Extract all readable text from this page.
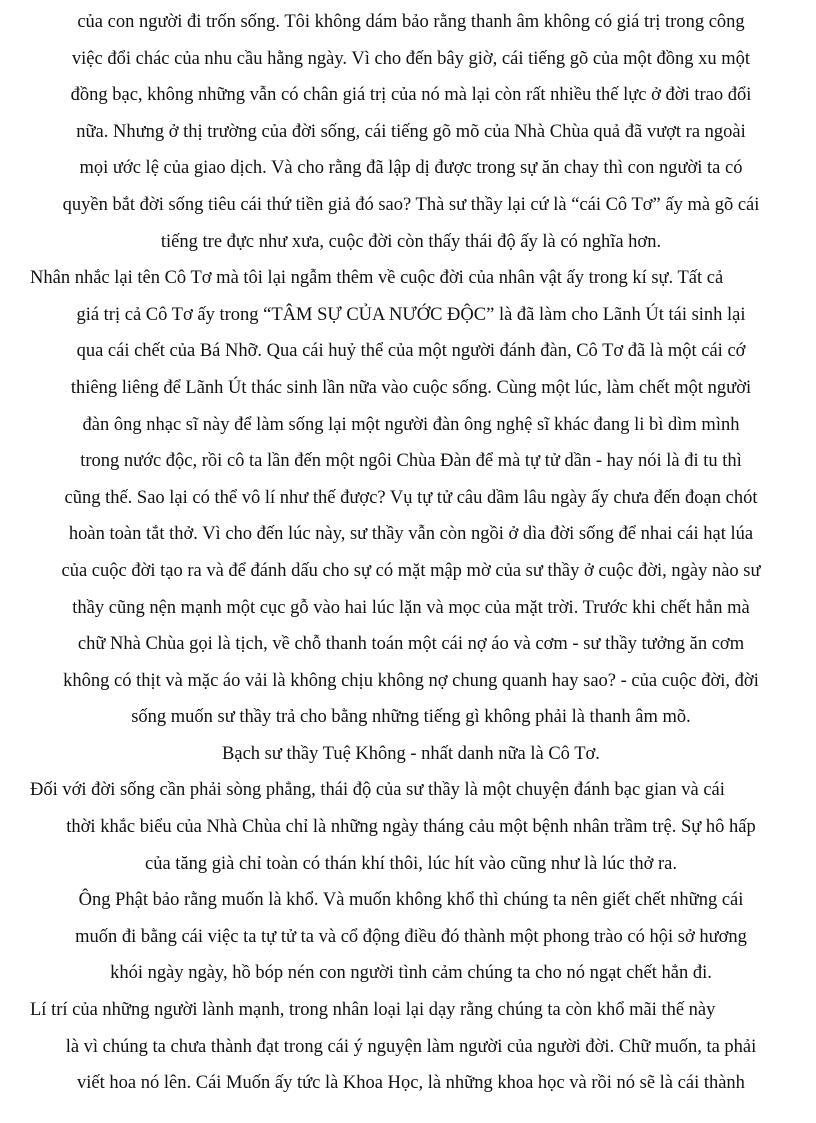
của con người đi trốn sống. Tôi không dám bảo rằng thanh âm không có giá trị trong công
việc đổi chác của nhu cầu hằng ngày. Vì cho đến bây giờ, cái tiếng gõ của một đồng xu một
đồng bạc, không những vẫn có chân giá trị của nó mà lại còn rất nhiều thế lực ở đời trao đổi
nữa. Nhưng ở thị trường của đời sống, cái tiếng gõ mõ của Nhà Chùa quả đã vượt ra ngoài
mọi ước lệ của giao dịch. Và cho rằng đã lập dị được trong sự ăn chay thì con người ta có
quyền bắt đời sống tiêu cái thứ tiền giả đó sao? Thà sư thầy lại cứ là “cái Cô Tơ” ấy mà gõ cái
tiếng tre đực như xưa, cuộc đời còn thấy thái độ ấy là có nghĩa hơn.
Nhân nhắc lại tên Cô Tơ mà tôi lại ngẫm thêm về cuộc đời của nhân vật ấy trong kí sự. Tất cả
giá trị cả Cô Tơ ấy trong “TÂM SỰ CỦA NƯỚC ĐỘC” là đã làm cho Lãnh Út tái sinh lại
qua cái chết của Bá Nhỡ. Qua cái huỷ thể của một người đánh đàn, Cô Tơ đã là một cái cớ
thiêng liêng để Lãnh Út thác sinh lần nữa vào cuộc sống. Cùng một lúc, làm chết một người
đàn ông nhạc sĩ này để làm sống lại một người đàn ông nghệ sĩ khác đang li bì dìm mình
trong nước độc, rồi cô ta lần đến một ngôi Chùa Đàn để mà tự tử dần - hay nói là đi tu thì
cũng thế. Sao lại có thể vô lí như thế được? Vụ tự tử câu dầm lâu ngày ấy chưa đến đoạn chót
hoàn toàn tắt thở. Vì cho đến lúc này, sư thầy vẫn còn ngồi ở dìa đời sống để nhai cái hạt lúa
của cuộc đời tạo ra và để đánh dấu cho sự có mặt mập mờ của sư thầy ở cuộc đời, ngày nào sư
thầy cũng nện mạnh một cục gỗ vào hai lúc lặn và mọc của mặt trời. Trước khi chết hẳn mà
chữ Nhà Chùa gọi là tịch, về chỗ thanh toán một cái nợ áo và cơm - sư thầy tưởng ăn cơm
không có thịt và mặc áo vải là không chịu không nợ chung quanh hay sao? - của cuộc đời, đời
sống muốn sư thầy trả cho bằng những tiếng gì không phải là thanh âm mõ.
Bạch sư thầy Tuệ Không - nhất danh nữa là Cô Tơ.
Đối với đời sống cần phải sòng phẳng, thái độ của sư thầy là một chuyện đánh bạc gian và cái
thời khắc biểu của Nhà Chùa chỉ là những ngày tháng cảu một bệnh nhân trầm trệ. Sự hô hấp
của tăng già chỉ toàn có thán khí thôi, lúc hít vào cũng như là lúc thở ra.
Ông Phật bảo rằng muốn là khổ. Và muốn không khổ thì chúng ta nên giết chết những cái
muốn đi bằng cái việc ta tự tử ta và cổ động điều đó thành một phong trào có hội sở hương
khói ngày ngày, hồ bóp nén con người tình cảm chúng ta cho nó ngạt chết hẳn đi.
Lí trí của những người lành mạnh, trong nhân loại lại dạy rằng chúng ta còn khổ mãi thế này
là vì chúng ta chưa thành đạt trong cái ý nguyện làm người của người đời. Chữ muốn, ta phải
viết hoa nó lên. Cái Muốn ấy tức là Khoa Học, là những khoa học và rồi nó sẽ là cái thành
